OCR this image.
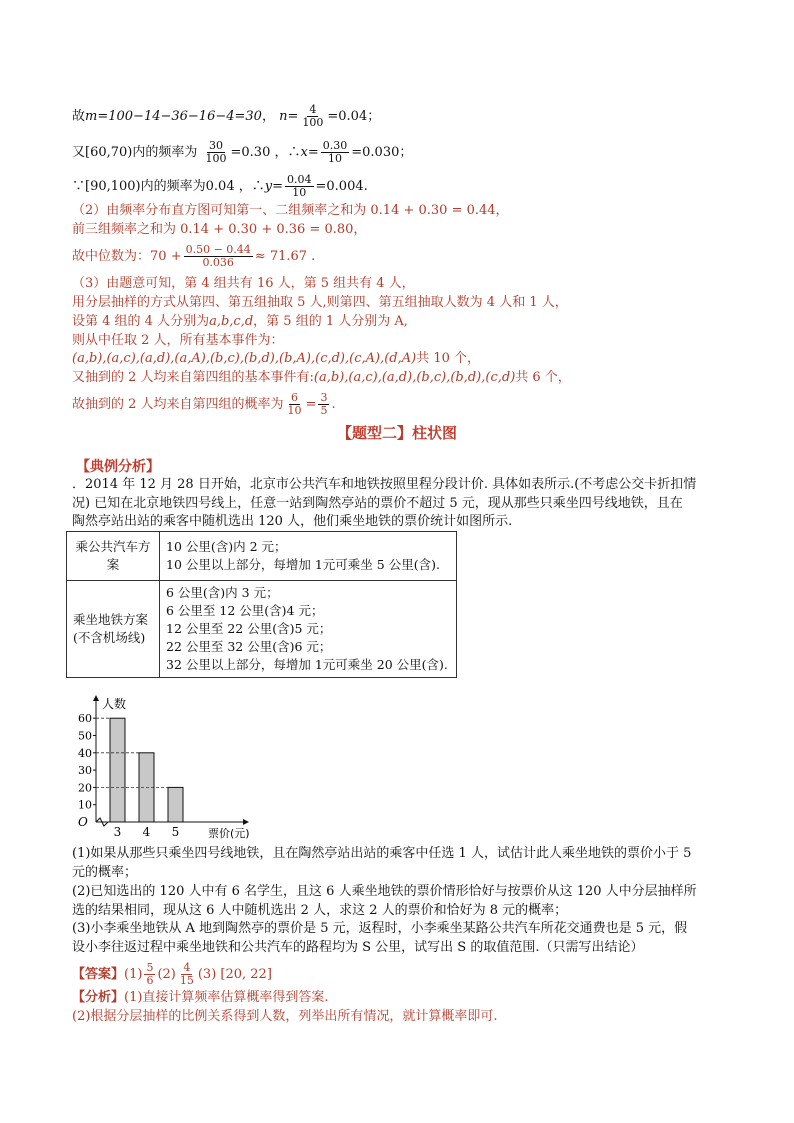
故m=100−14−36−16−4=30， $n= \frac{4}{100} =0.04$；
又[60,70)内的频率为 $\frac{30}{100} =0.30$ ，∴x= $\frac{0.30}{10} =0.030$；
∵[90,100)内的频率为0.04 ，∴y= $\frac{0.04}{10} =0.004$.
（2）由频率分布直方图可知第一、二组频率之和为 0.14 + 0.30 = 0.44，
前三组频率之和为 0.14 + 0.30 + 0.36 = 0.80，
故中位数为：$70 + \frac{0.50 - 0.44}{0.036} \approx 71.67$ .
（3）由题意可知，第 4 组共有 16 人，第 5 组共有 4 人，
用分层抽样的方式从第四、第五组抽取 5 人,则第四、第五组抽取人数为 4 人和 1 人，
设第 4 组的 4 人分别为a,b,c,d，第 5 组的 1 人分别为 A,
则从中任取 2 人，所有基本事件为：
(a,b),(a,c),(a,d),(a,A),(b,c),(b,d),(b,A),(c,d),(c,A),(d,A)共 10 个，
又抽到的 2 人均来自第四组的基本事件有:(a,b),(a,c),(a,d),(b,c),(b,d),(c,d)共 6 个，
故抽到的 2 人均来自第四组的概率为 $\frac{6}{10} = \frac{3}{5}$ .
【题型二】柱状图
【典例分析】
．2014 年 12 月 28 日开始，北京市公共汽车和地铁按照里程分段计价. 具体如表所示.(不考虑公交卡折扣情
况) 已知在北京地铁四号线上，任意一站到陶然亭站的票价不超过 5 元，现从那些只乘坐四号线地铁，且在
陶然亭站出站的乘客中随机选出 120 人，他们乘坐地铁的票价统计如图所示.
乘公共汽车方案	10 公里(含)内 2 元；
10 公里以上部分，每增加 1元可乘坐 5 公里(含).

乘坐地铁方案(不含机场线)	6 公里(含)内 3 元；
6 公里至 12 公里(含)4 元；
12 公里至 22 公里(含)5 元；
22 公里至 32 公里(含)6 元；
32 公里以上部分，每增加 1元可乘坐 20 公里(含).
人数
票价(元)
O
10
20
30
40
50
60
3 4 5
(1)如果从那些只乘坐四号线地铁，且在陶然亭站出站的乘客中任选 1 人，试估计此人乘坐地铁的票价小于 5
元的概率；
(2)已知选出的 120 人中有 6 名学生，且这 6 人乘坐地铁的票价情形恰好与按票价从这 120 人中分层抽样所
选的结果相同，现从这 6 人中随机选出 2 人，求这 2 人的票价和恰好为 8 元的概率；
(3)小李乘坐地铁从 A 地到陶然亭的票价是 5 元，返程时，小李乘坐某路公共汽车所花交通费也是 5 元，假
设小李往返过程中乘坐地铁和公共汽车的路程均为 S 公里，试写出 S 的取值范围.（只需写出结论）
【答案】$(1) \frac{5}{6} (2) \frac{4}{15} (3)$ [20, 22]
【分析】(1)直接计算频率估算概率得到答案.
(2)根据分层抽样的比例关系得到人数，列举出所有情况，就计算概率即可.
